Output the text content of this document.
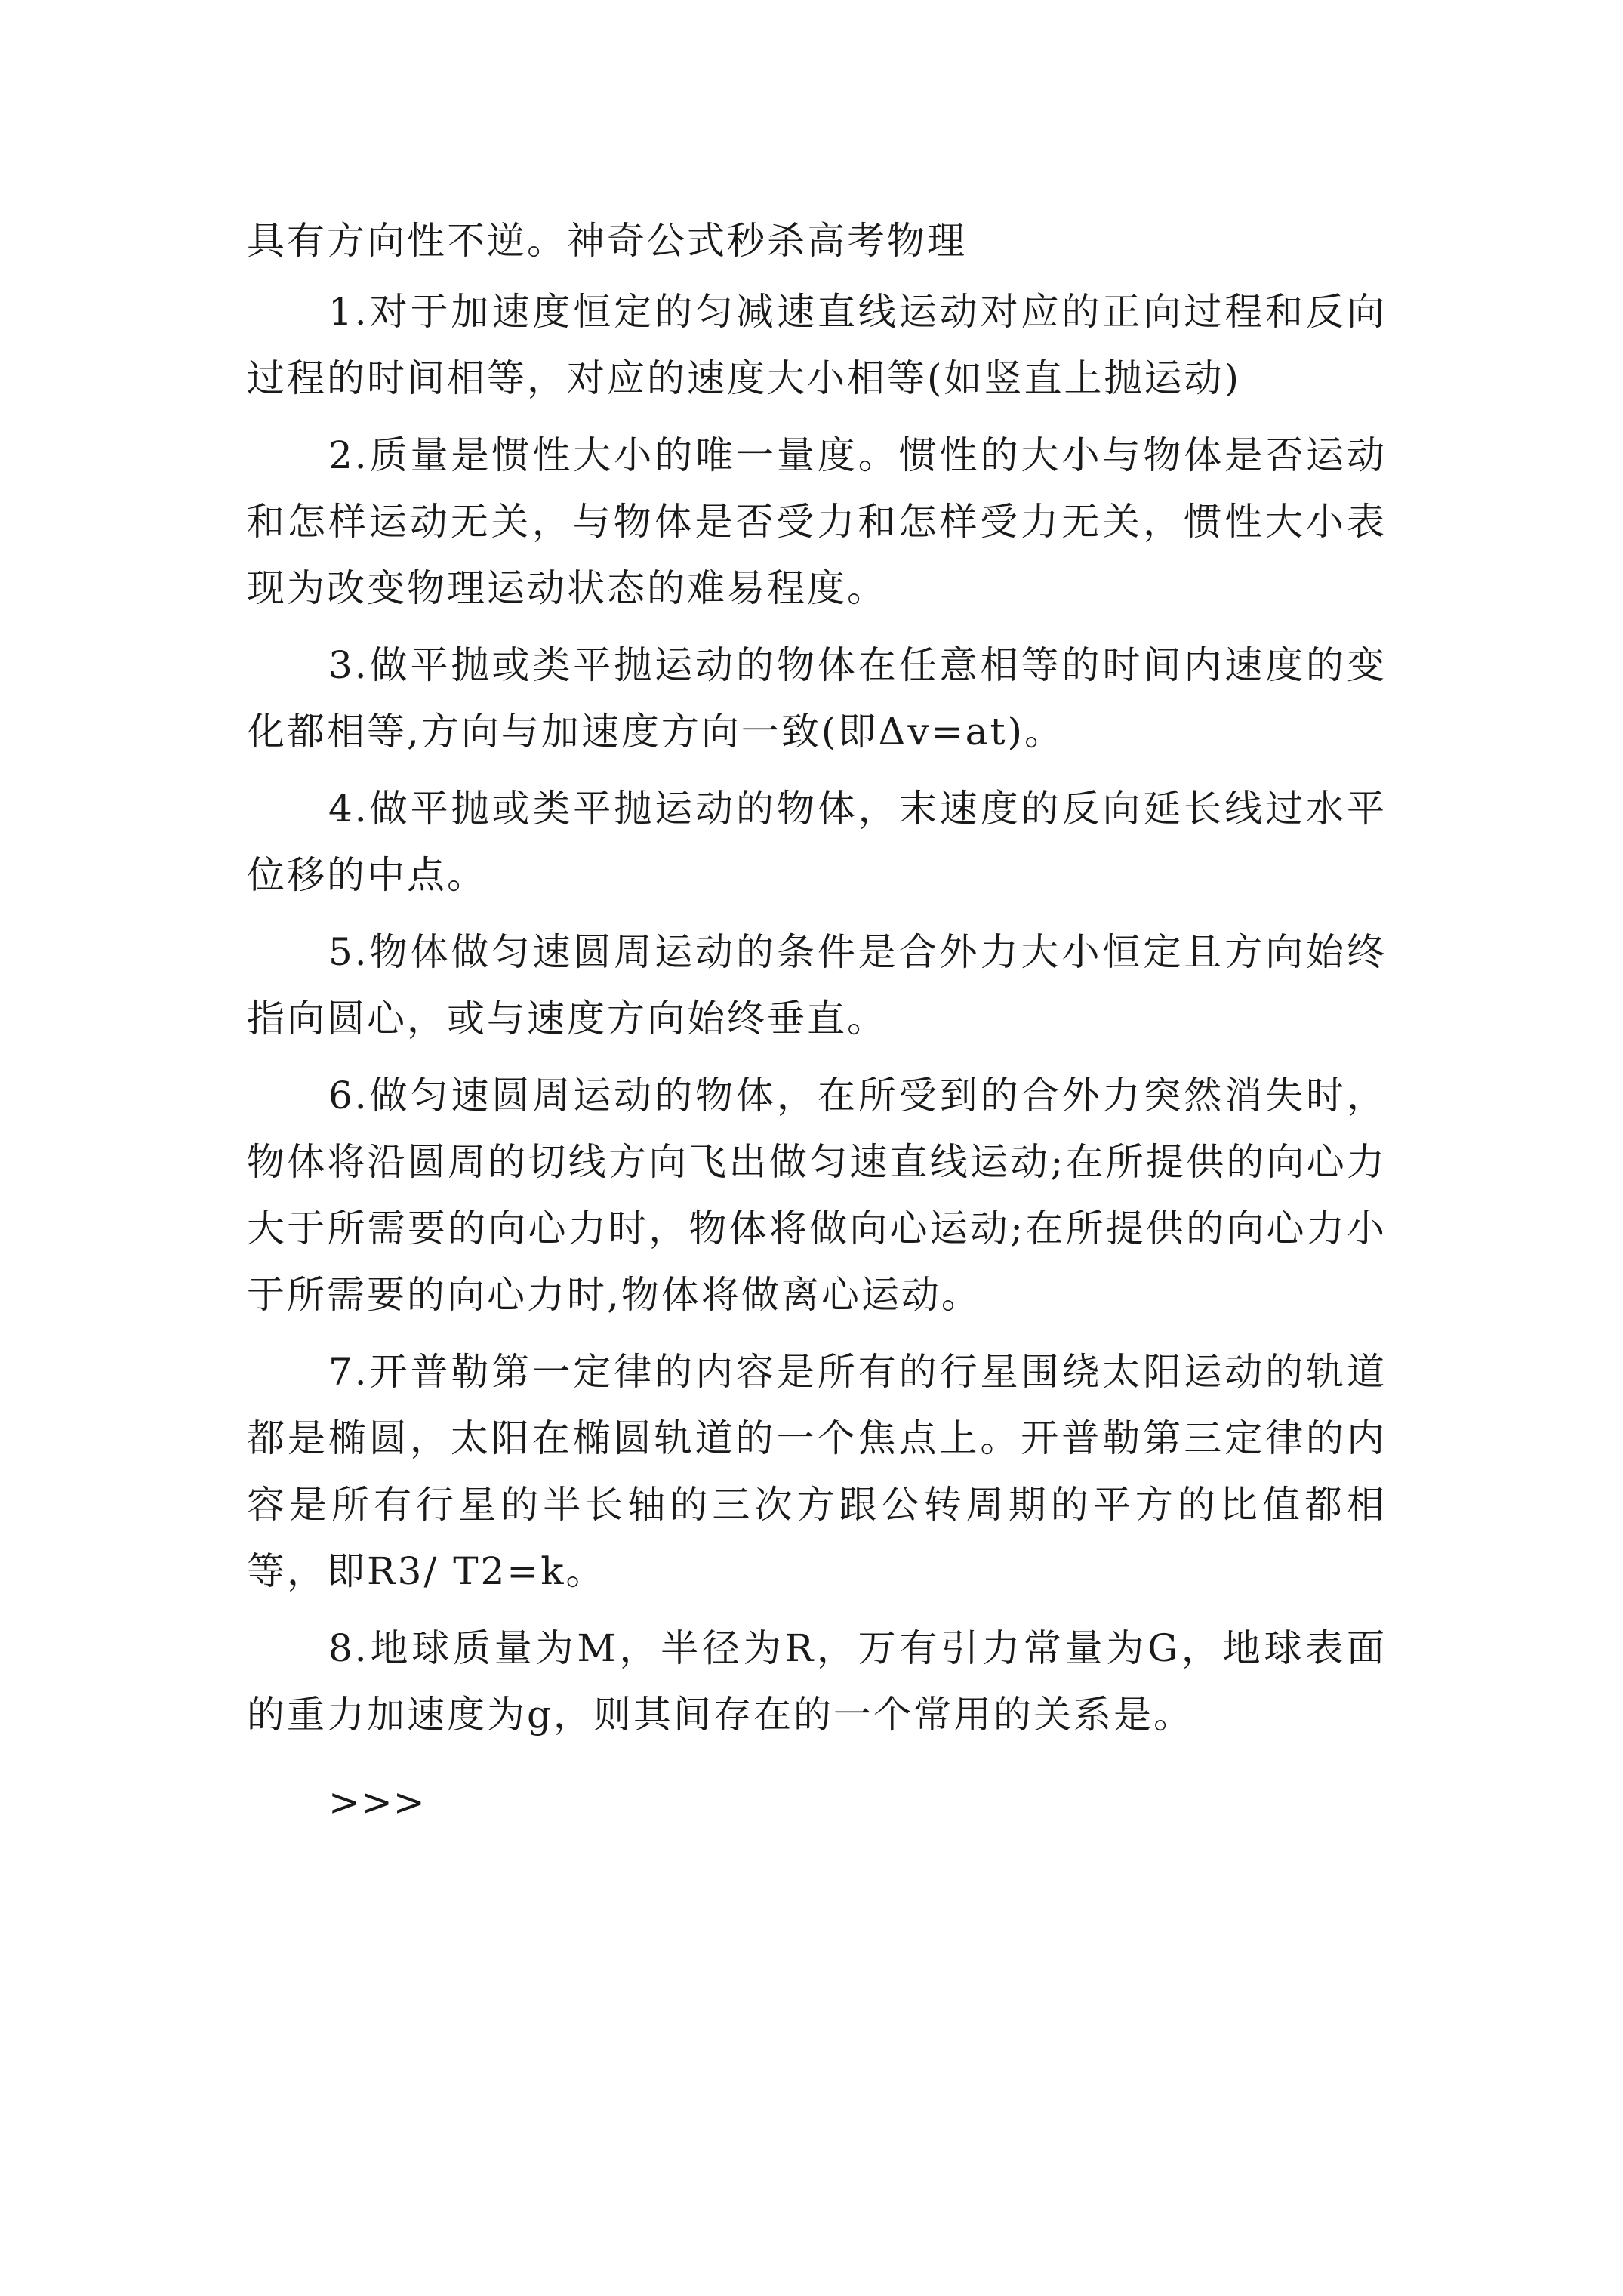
具有方向性不逆。神奇公式秒杀高考物理

1.对于加速度恒定的匀减速直线运动对应的正向过程和反向过程的时间相等，对应的速度大小相等(如竖直上抛运动)

2.质量是惯性大小的唯一量度。惯性的大小与物体是否运动和怎样运动无关，与物体是否受力和怎样受力无关，惯性大小表现为改变物理运动状态的难易程度。

3.做平抛或类平抛运动的物体在任意相等的时间内速度的变化都相等,方向与加速度方向一致(即Δv=at)。

4.做平抛或类平抛运动的物体，末速度的反向延长线过水平位移的中点。

5.物体做匀速圆周运动的条件是合外力大小恒定且方向始终指向圆心，或与速度方向始终垂直。

6.做匀速圆周运动的物体，在所受到的合外力突然消失时，物体将沿圆周的切线方向飞出做匀速直线运动;在所提供的向心力大于所需要的向心力时，物体将做向心运动;在所提供的向心力小于所需要的向心力时,物体将做离心运动。

7.开普勒第一定律的内容是所有的行星围绕太阳运动的轨道都是椭圆，太阳在椭圆轨道的一个焦点上。开普勒第三定律的内容是所有行星的半长轴的三次方跟公转周期的平方的比值都相等，即R3/ T2=k。

8.地球质量为M，半径为R，万有引力常量为G，地球表面的重力加速度为g，则其间存在的一个常用的关系是。

>>>
